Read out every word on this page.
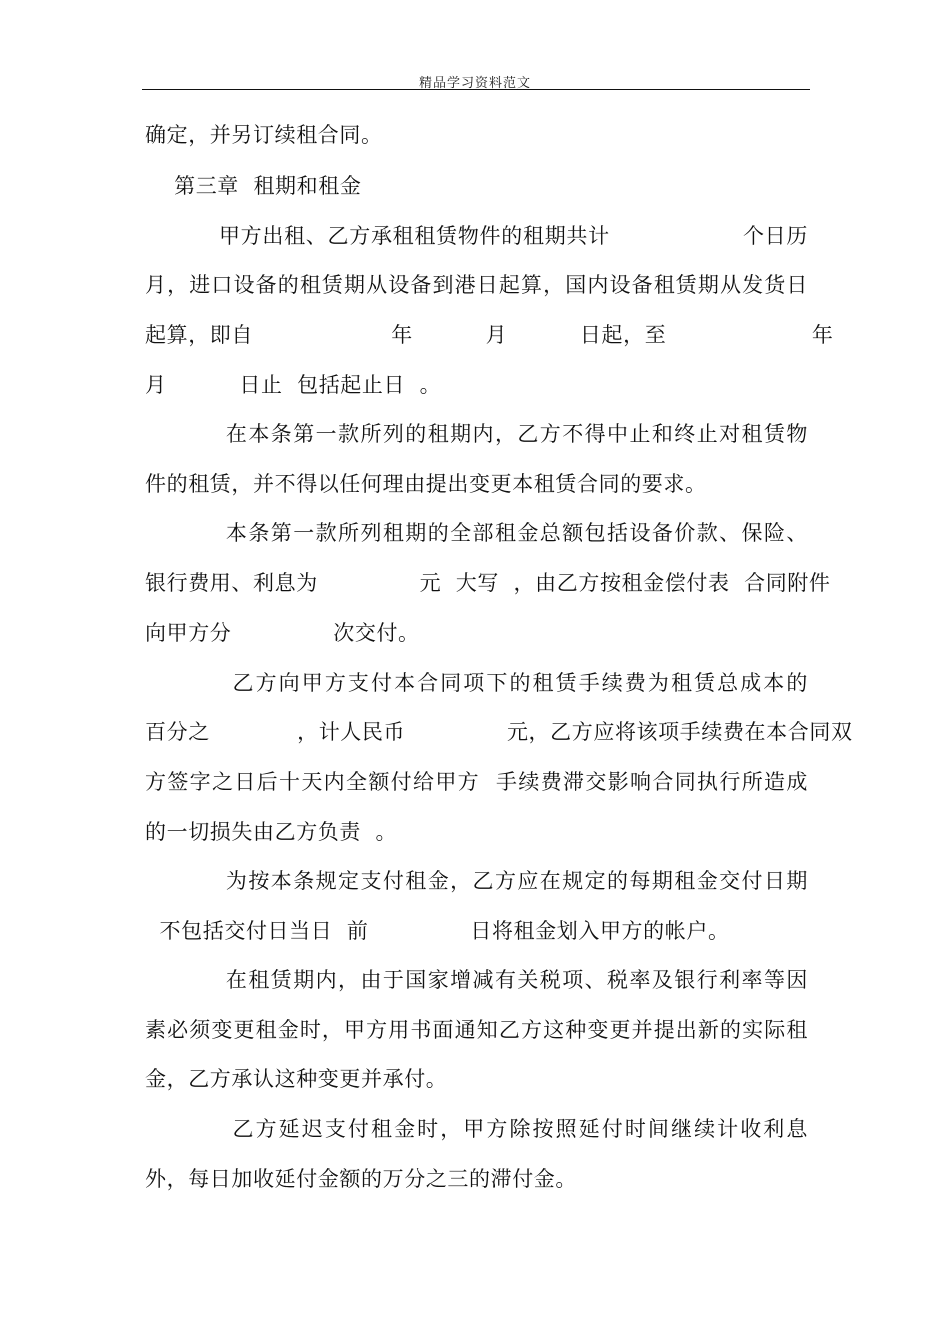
精品学习资料范文
确定，并另订续租合同。
第三章  租期和租金
甲方出租、乙方承租租赁物件的租期共计                  个日历
月，进口设备的租赁期从设备到港日起算，国内设备租赁期从发货日
起算，即自                   年          月          日起，至                    年
月          日止  包括起止日  。
在本条第一款所列的租期内，乙方不得中止和终止对租赁物
件的租赁，并不得以任何理由提出变更本租赁合同的要求。
本条第一款所列租期的全部租金总额包括设备价款、保险、
银行费用、利息为              元  大写  ，由乙方按租金偿付表  合同附件
向甲方分              次交付。
乙方向甲方支付本合同项下的租赁手续费为租赁总成本的
百分之            ，计人民币              元，乙方应将该项手续费在本合同双
方签字之日后十天内全额付给甲方  手续费滞交影响合同执行所造成
的一切损失由乙方负责  。
为按本条规定支付租金，乙方应在规定的每期租金交付日期
不包括交付日当日  前              日将租金划入甲方的帐户。
在租赁期内，由于国家增减有关税项、税率及银行利率等因
素必须变更租金时，甲方用书面通知乙方这种变更并提出新的实际租
金，乙方承认这种变更并承付。
乙方延迟支付租金时，甲方除按照延付时间继续计收利息
外，每日加收延付金额的万分之三的滞付金。
